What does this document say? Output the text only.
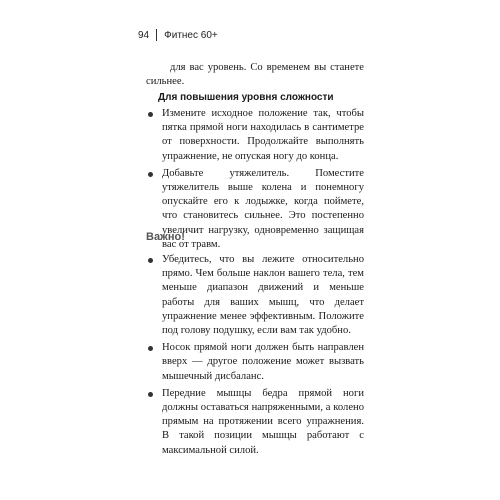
94 Фитнес 60+

для вас уровень. Со временем вы станете сильнее.

Для повышения уровня сложности
Измените исходное положение так, чтобы пятка прямой ноги находилась в сантиметре от поверхности. Продолжайте выполнять упражнение, не опуская ногу до конца.
Добавьте утяжелитель. Поместите утяжелитель выше колена и понемногу опускайте его к лодыжке, когда поймете, что становитесь сильнее. Это постепенно увеличит нагрузку, одновременно защищая вас от травм.
Важно!
Убедитесь, что вы лежите относительно прямо. Чем больше наклон вашего тела, тем меньше диапазон движений и меньше работы для ваших мышц, что делает упражнение менее эффективным. Положите под голову подушку, если вам так удобно.
Носок прямой ноги должен быть направлен вверх — другое положение может вызвать мышечный дисбаланс.
Передние мышцы бедра прямой ноги должны оставаться напряженными, а колено прямым на протяжении всего упражнения. В такой позиции мышцы работают с максимальной силой.
